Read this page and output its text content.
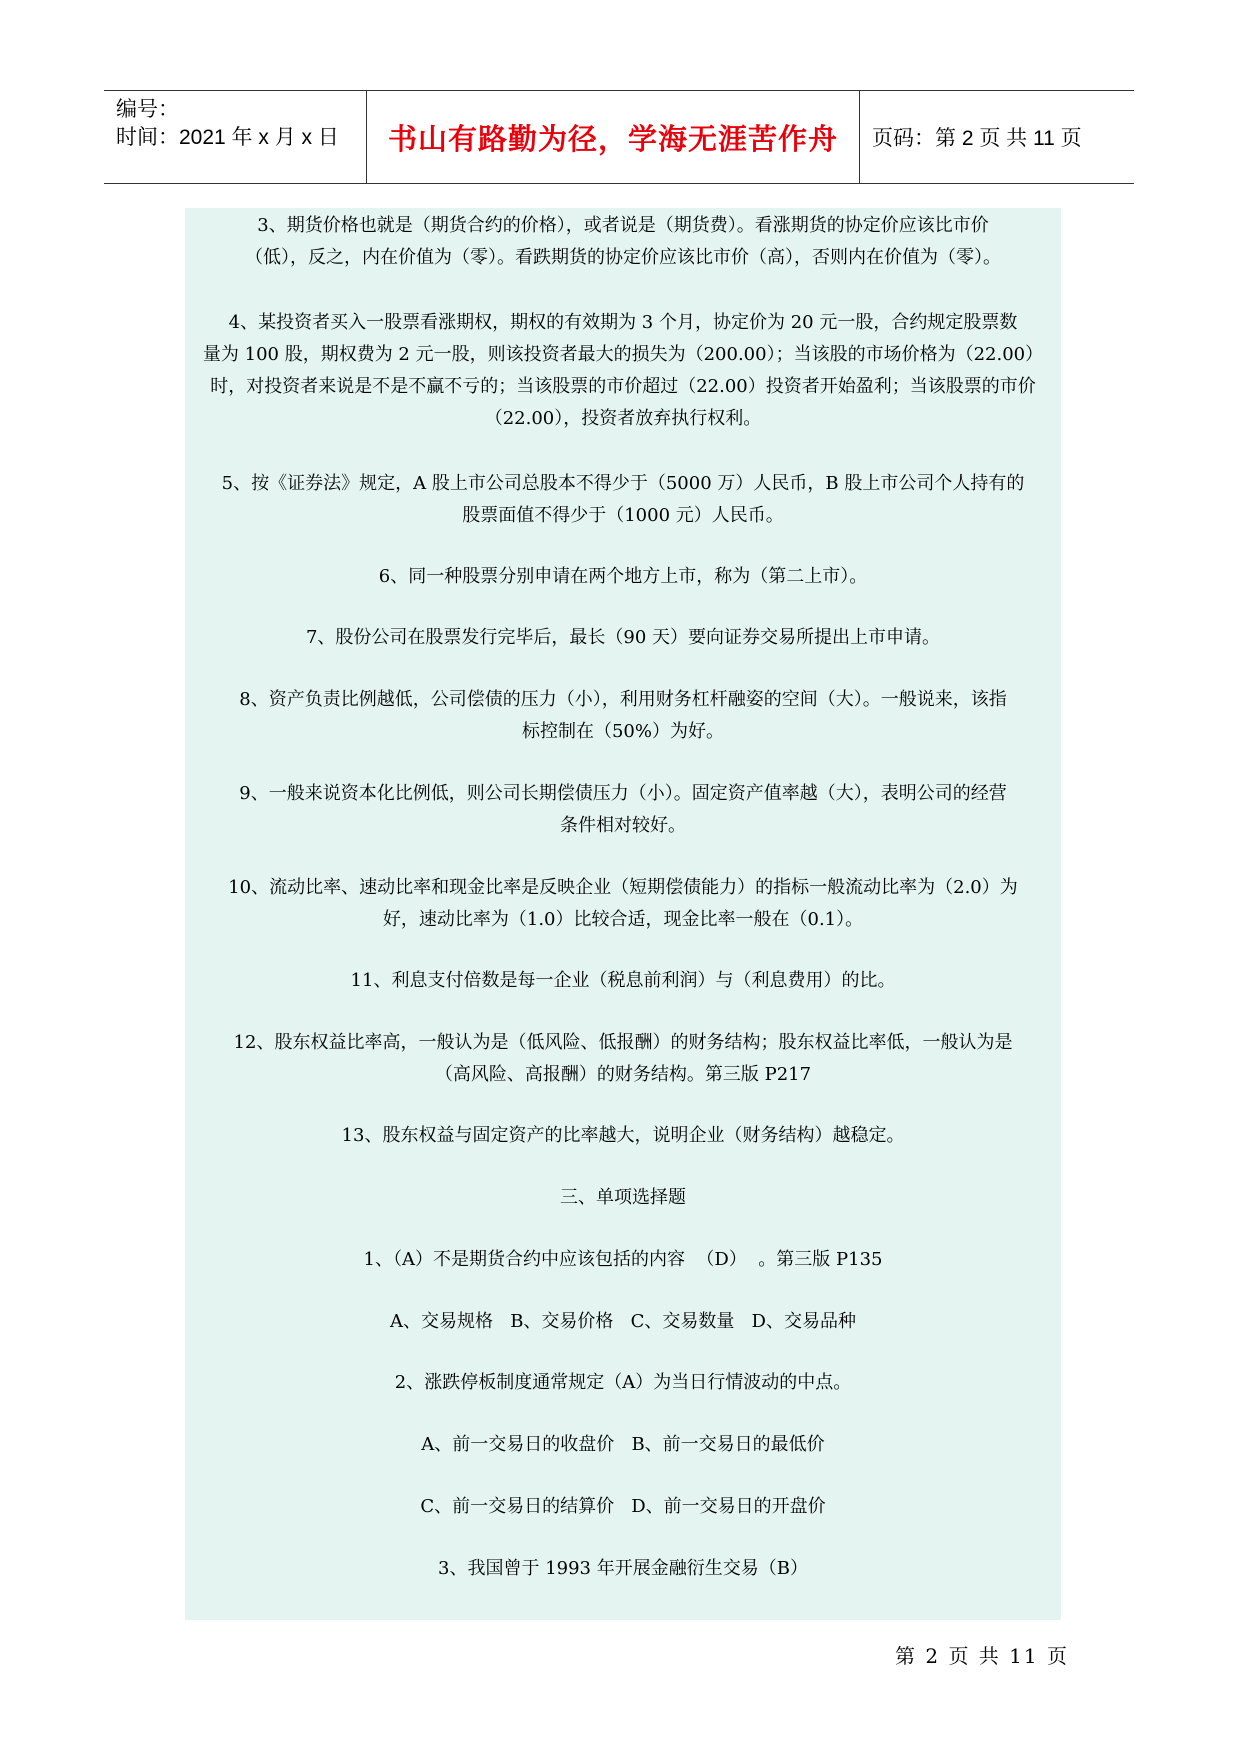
编号：
时间：2021 年 x 月 x 日 书山有路勤为径，学海无涯苦作舟 页码：第 2 页 共 11 页
3、期货价格也就是（期货合约的价格），或者说是（期货费）。看涨期货的协定价应该比市价
（低），反之，内在价值为（零）。看跌期货的协定价应该比市价（高），否则内在价值为（零）。
4、某投资者买入一股票看涨期权，期权的有效期为 3 个月，协定价为 20 元一股，合约规定股票数
量为 100 股，期权费为 2 元一股，则该投资者最大的损失为（200.00）；当该股的市场价格为（22.00）
时，对投资者来说是不是不赢不亏的；当该股票的市价超过（22.00）投资者开始盈利；当该股票的市价
（22.00），投资者放弃执行权利。
5、按《证券法》规定，A 股上市公司总股本不得少于（5000 万）人民币，B 股上市公司个人持有的
股票面值不得少于（1000 元）人民币。
6、同一种股票分别申请在两个地方上市，称为（第二上市）。
7、股份公司在股票发行完毕后，最长（90 天）要向证券交易所提出上市申请。
8、资产负责比例越低，公司偿债的压力（小），利用财务杠杆融姿的空间（大）。一般说来，该指
标控制在（50%）为好。
9、一般来说资本化比例低，则公司长期偿债压力（小）。固定资产值率越（大），表明公司的经营
条件相对较好。
10、流动比率、速动比率和现金比率是反映企业（短期偿债能力）的指标一般流动比率为（2.0）为
好，速动比率为（1.0）比较合适，现金比率一般在（0.1）。
11、利息支付倍数是每一企业（税息前利润）与（利息费用）的比。
12、股东权益比率高，一般认为是（低风险、低报酬）的财务结构；股东权益比率低，一般认为是
（高风险、高报酬）的财务结构。第三版 P217
13、股东权益与固定资产的比率越大，说明企业（财务结构）越稳定。
三、单项选择题
1、（A）不是期货合约中应该包括的内容  （D）  。第三版 P135
A、交易规格   B、交易价格   C、交易数量   D、交易品种
2、涨跌停板制度通常规定（A）为当日行情波动的中点。
A、前一交易日的收盘价   B、前一交易日的最低价
C、前一交易日的结算价   D、前一交易日的开盘价
3、我国曾于 1993 年开展金融衍生交易（B）
第 2 页 共 11 页
